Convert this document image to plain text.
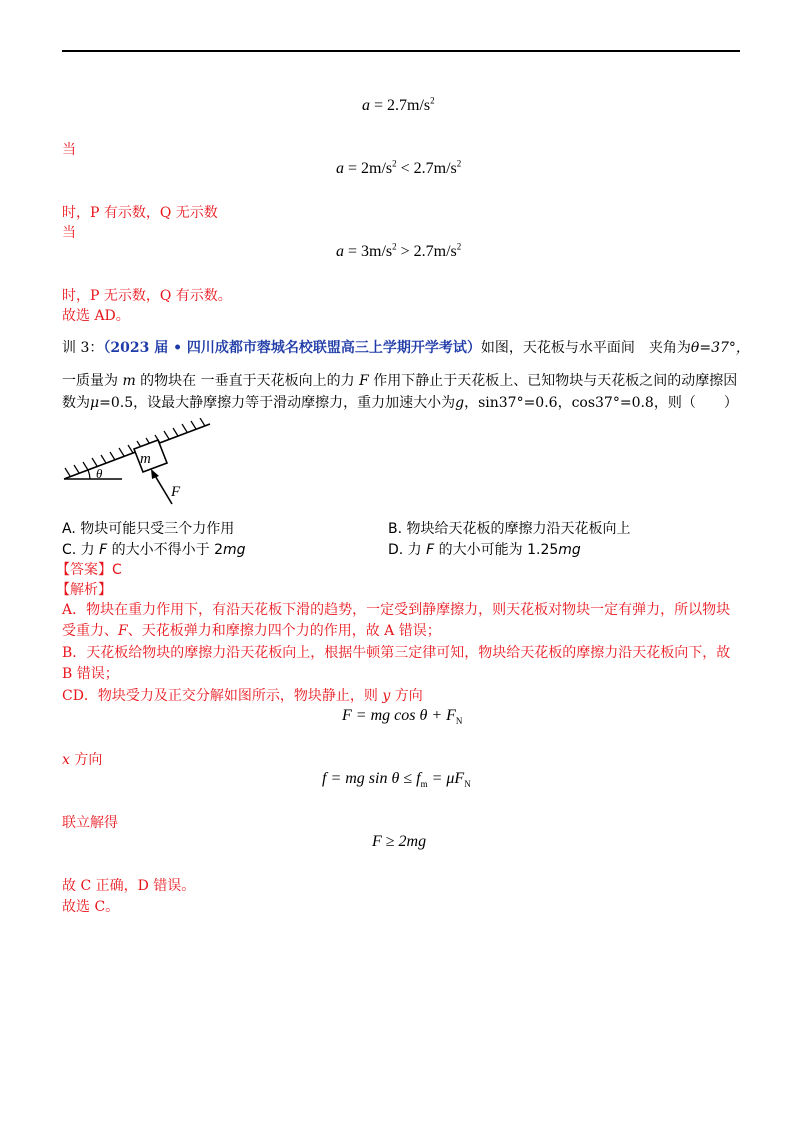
$a = 2.7m/s^2$
当
$a = 2m/s^2 < 2.7m/s^2$
时，P 有示数，Q 无示数
当
$a = 3m/s^2 > 2.7m/s^2$
时，P 无示数，Q 有示数。
故选 AD。
训 3：（2023 届 • 四川成都市蓉城名校联盟高三上学期开学考试）如图，天花板与水平面间　夹角为θ=37°，
一质量为 m 的物块在 一垂直于天花板向上的力 F 作用下静止于天花板上、已知物块与天花板之间的动摩擦因
数为μ=0.5，设最大静摩擦力等于滑动摩擦力，重力加速大小为g，sin37°=0.6，cos37°=0.8，则（　　）
m
θ
F
A. 物块可能只受三个力作用	B. 物块给天花板的摩擦力沿天花板向上
C. 力 F 的大小不得小于 2mg	D. 力 F 的大小可能为 1.25mg
【答案】C
【解析】
A．物块在重力作用下，有沿天花板下滑的趋势，一定受到静摩擦力，则天花板对物块一定有弹力，所以物块
受重力、F、天花板弹力和摩擦力四个力的作用，故 A 错误；
B．天花板给物块的摩擦力沿天花板向上，根据牛顿第三定律可知，物块给天花板的摩擦力沿天花板向下，故
B 错误；
CD．物块受力及正交分解如图所示，物块静止，则 y 方向
F = mg $\cos \theta + F_N$
x 方向
f = mg $\sin \theta \le f_m = \mu F_N$
联立解得
F ≥ 2mg
故 C 正确，D 错误。
故选 C。
